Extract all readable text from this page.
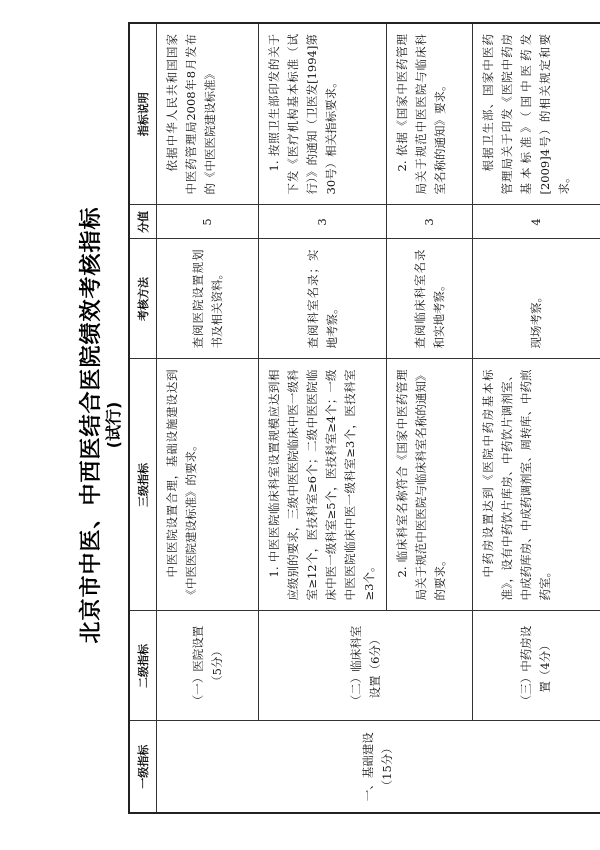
北京市中医、中西医结合医院绩效考核指标 (试行)
一级指标	二级指标	三级指标	考核方法	分值	指标说明
一、基础建设（15分）	（一）医院设置（5分）	中医医院设置合理，基础设施建设达到《中医医院建设标准》的要求。	查阅医院设置规划书及相关资料。	5	依据中华人民共和国国家中医药管理局2008年8月发布的《中医医院建设标准》
	（二）临床科室设置（6分）	1. 中医医院临床科室设置规模应达到相应级别的要求，三级中医医院临床中医一级科室≥12个，医技科室≥6个；二级中医医院临床中医一级科室≥5个，医技科室≥4个；一级中医医院临床中医一级科室≥3个，医技科室≥3个。	查阅科室名录；实地考察。	3	1. 按照卫生部印发的关于下发《医疗机构基本标准（试行）》的通知（卫医发[1994]第30号）相关指标要求。
		2. 临床科室名称符合《国家中医药管理局关于规范中医医院与临床科室名称的通知》的要求。	查阅临床科室名录和实地考察。	3	2. 依据《国家中医药管理局关于规范中医医院与临床科室名称的通知》要求。
	（三）中药房设置（4分）	中药房设置达到《医院中药房基本标准》，设有中药饮片库房、中药饮片调剂室、中成药库房、中成药调剂室、周转库、中药煎药室。	现场考察。	4	根据卫生部、国家中医药管理局关于印发《医院中药房基本标准》（国中医药发[2009]4号）的相关规定和要求。
